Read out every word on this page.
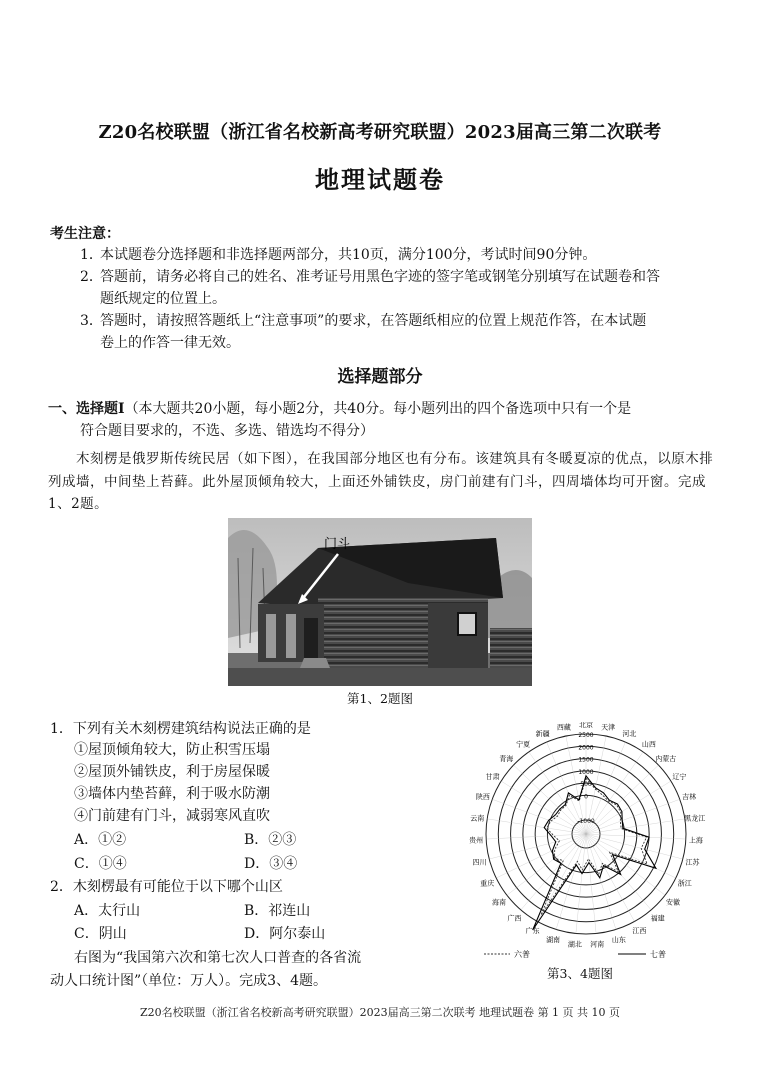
Z20名校联盟（浙江省名校新高考研究联盟）2023届高三第二次联考
地理试题卷
考生注意：
1．本试题卷分选择题和非选择题两部分，共10页，满分100分，考试时间90分钟。
2．答题前，请务必将自己的姓名、准考证号用黑色字迹的签字笔或钢笔分别填写在试题卷和答
题纸规定的位置上。
3．答题时，请按照答题纸上“注意事项”的要求，在答题纸相应的位置上规范作答，在本试题
卷上的作答一律无效。
选择题部分
一、选择题Ⅰ（本大题共20小题，每小题2分，共40分。每小题列出的四个备选项中只有一个是
符合题目要求的，不选、多选、错选均不得分）
木刻楞是俄罗斯传统民居（如下图），在我国部分地区也有分布。该建筑具有冬暖夏凉的优点，以原木排列成墙，中间垫上苔藓。此外屋顶倾角较大，上面还外铺铁皮，房门前建有门斗，四周墙体均可开窗。完成1、2题。
门斗
第1、2题图
1．下列有关木刻楞建筑结构说法正确的是
①屋顶倾角较大，防止积雪压塌
②屋顶外铺铁皮，利于房屋保暖
③墙体内垫苔藓，利于吸水防潮
④门前建有门斗，减弱寒风直吹
A．①②	B．②③
C．①④	D．③④
2．木刻楞最有可能位于以下哪个山区
A．太行山	B．祁连山
C．阴山	D．阿尔泰山
右图为“我国第六次和第七次人口普查的各省流
动人口统计图”（单位：万人）。完成3、4题。
-1000
0
500
1000
1500
2000
2500
北京 天津
河北
山西
内蒙古
辽宁
吉林
黑龙江
上海
江苏
浙江
安徽
福建
江西
山东
河南
湖北
湖南
广东
广西
海南
重庆
四川
贵州
云南
陕西
甘肃
青海
宁夏
新疆
西藏
六普	七普
第3、4题图
Z20名校联盟（浙江省名校新高考研究联盟）2023届高三第二次联考 地理试题卷 第 1 页 共 10 页
